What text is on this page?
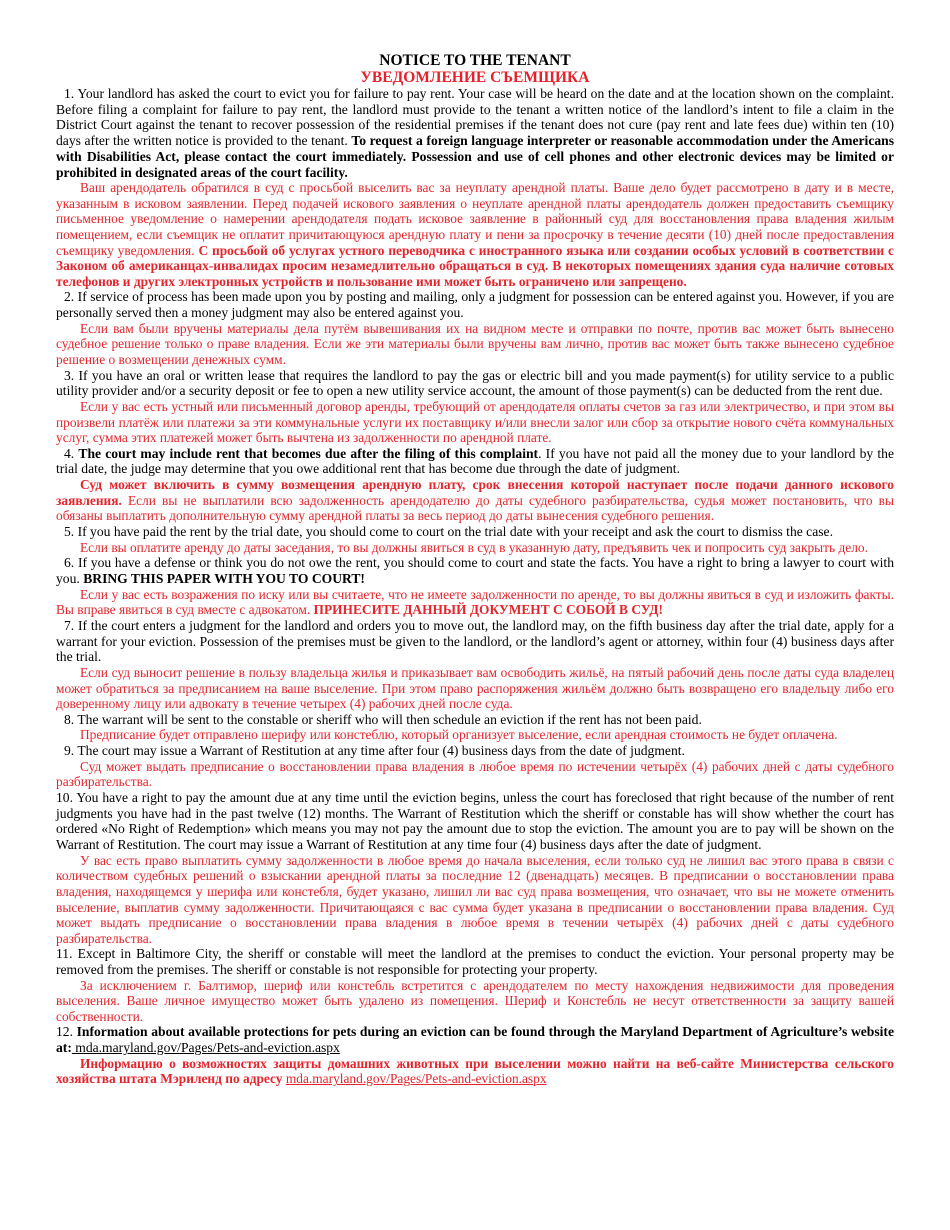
NOTICE TO THE TENANT
УВЕДОМЛЕНИЕ СЪЕМЩИКА

1. Your landlord has asked the court to evict you for failure to pay rent. Your case will be heard on the date and at the location shown on the complaint. Before filing a complaint for failure to pay rent, the landlord must provide to the tenant a written notice of the landlord’s intent to file a claim in the District Court against the tenant to recover possession of the residential premises if the tenant does not cure (pay rent and late fees due) within ten (10) days after the written notice is provided to the tenant. To request a foreign language interpreter or reasonable accommodation under the Americans with Disabilities Act, please contact the court immediately. Possession and use of cell phones and other electronic devices may be limited or prohibited in designated areas of the court facility.

Ваш арендодатель обратился в суд с просьбой выселить вас за неуплату арендной платы. Ваше дело будет рассмотрено в дату и в месте, указанным в исковом заявлении. Перед подачей искового заявления о неуплате арендной платы арендодатель должен предоставить съемщику письменное уведомление о намерении арендодателя подать исковое заявление в районный суд для восстановления права владения жилым помещением, если съемщик не оплатит причитающуюся арендную плату и пени за просрочку в течение десяти (10) дней после предоставления съемщику уведомления. С просьбой об услугах устного переводчика с иностранного языка или создании особых условий в соответствии с Законом об американцах-инвалидах просим незамедлительно обращаться в суд. В некоторых помещениях здания суда наличие сотовых телефонов и других электронных устройств и пользование ими может быть ограничено или запрещено.

2. If service of process has been made upon you by posting and mailing, only a judgment for possession can be entered against you. However, if you are personally served then a money judgment may also be entered against you.

Если вам были вручены материалы дела путём вывешивания их на видном месте и отправки по почте, против вас может быть вынесено судебное решение только о праве владения. Если же эти материалы были вручены вам лично, против вас может быть также вынесено судебное решение о возмещении денежных сумм.

3. If you have an oral or written lease that requires the landlord to pay the gas or electric bill and you made payment(s) for utility service to a public utility provider and/or a security deposit or fee to open a new utility service account, the amount of those payment(s) can be deducted from the rent due.

Если у вас есть устный или письменный договор аренды, требующий от арендодателя оплаты счетов за газ или электричество, и при этом вы произвели платёж или платежи за эти коммунальные услуги их поставщику и/или внесли залог или сбор за открытие нового счёта коммунальных услуг, сумма этих платежей может быть вычтена из задолженности по арендной плате.

4. The court may include rent that becomes due after the filing of this complaint. If you have not paid all the money due to your landlord by the trial date, the judge may determine that you owe additional rent that has become due through the date of judgment.

Суд может включить в сумму возмещения арендную плату, срок внесения которой наступает после подачи данного искового заявления. Если вы не выплатили всю задолженность арендодателю до даты судебного разбирательства, судья может постановить, что вы обязаны выплатить дополнительную сумму арендной платы за весь период до даты вынесения судебного решения.

5. If you have paid the rent by the trial date, you should come to court on the trial date with your receipt and ask the court to dismiss the case.

Если вы оплатите аренду до даты заседания, то вы должны явиться в суд в указанную дату, предъявить чек и попросить суд закрыть дело.

6. If you have a defense or think you do not owe the rent, you should come to court and state the facts. You have a right to bring a lawyer to court with you. BRING THIS PAPER WITH YOU TO COURT!

Если у вас есть возражения по иску или вы считаете, что не имеете задолженности по аренде, то вы должны явиться в суд и изложить факты. Вы вправе явиться в суд вместе с адвокатом. ПРИНЕСИТЕ ДАННЫЙ ДОКУМЕНТ С СОБОЙ В СУД!

7. If the court enters a judgment for the landlord and orders you to move out, the landlord may, on the fifth business day after the trial date, apply for a warrant for your eviction. Possession of the premises must be given to the landlord, or the landlord’s agent or attorney, within four (4) business days after the trial.

Если суд выносит решение в пользу владельца жилья и приказывает вам освободить жильё, на пятый рабочий день после даты суда владелец может обратиться за предписанием на ваше выселение. При этом право распоряжения жильём должно быть возвращено его владельцу либо его доверенному лицу или адвокату в течение четырех (4) рабочих дней после суда.

8. The warrant will be sent to the constable or sheriff who will then schedule an eviction if the rent has not been paid.

Предписание будет отправлено шерифу или констеблю, который организует выселение, если арендная стоимость не будет оплачена.

9. The court may issue a Warrant of Restitution at any time after four (4) business days from the date of judgment.

Суд может выдать предписание о восстановлении права владения в любое время по истечении четырёх (4) рабочих дней с даты судебного разбирательства.

10. You have a right to pay the amount due at any time until the eviction begins, unless the court has foreclosed that right because of the number of rent judgments you have had in the past twelve (12) months. The Warrant of Restitution which the sheriff or constable has will show whether the court has ordered «No Right of Redemption» which means you may not pay the amount due to stop the eviction. The amount you are to pay will be shown on the Warrant of Restitution. The court may issue a Warrant of Restitution at any time four (4) business days after the date of judgment.

У вас есть право выплатить сумму задолженности в любое время до начала выселения, если только суд не лишил вас этого права в связи с количеством судебных решений о взыскании арендной платы за последние 12 (двенадцать) месяцев. В предписании о восстановлении права владения, находящемся у шерифа или констебля, будет указано, лишил ли вас суд права возмещения, что означает, что вы не можете отменить выселение, выплатив сумму задолженности. Причитающаяся с вас сумма будет указана в предписании о восстановлении права владения. Суд может выдать предписание о восстановлении права владения в любое время в течении четырёх (4) рабочих дней с даты судебного разбирательства.

11. Except in Baltimore City, the sheriff or constable will meet the landlord at the premises to conduct the eviction. Your personal property may be removed from the premises. The sheriff or constable is not responsible for protecting your property.

За исключением г. Балтимор, шериф или констебль встретится с арендодателем по месту нахождения недвижимости для проведения выселения. Ваше личное имущество может быть удалено из помещения. Шериф и Констебль не несут ответственности за защиту вашей собственности.

12. Information about available protections for pets during an eviction can be found through the Maryland Department of Agriculture’s website at: mda.maryland.gov/Pages/Pets-and-eviction.aspx

Информацию о возможностях защиты домашних животных при выселении можно найти на веб-сайте Министерства сельского хозяйства штата Мэриленд по адресу mda.maryland.gov/Pages/Pets-and-eviction.aspx
